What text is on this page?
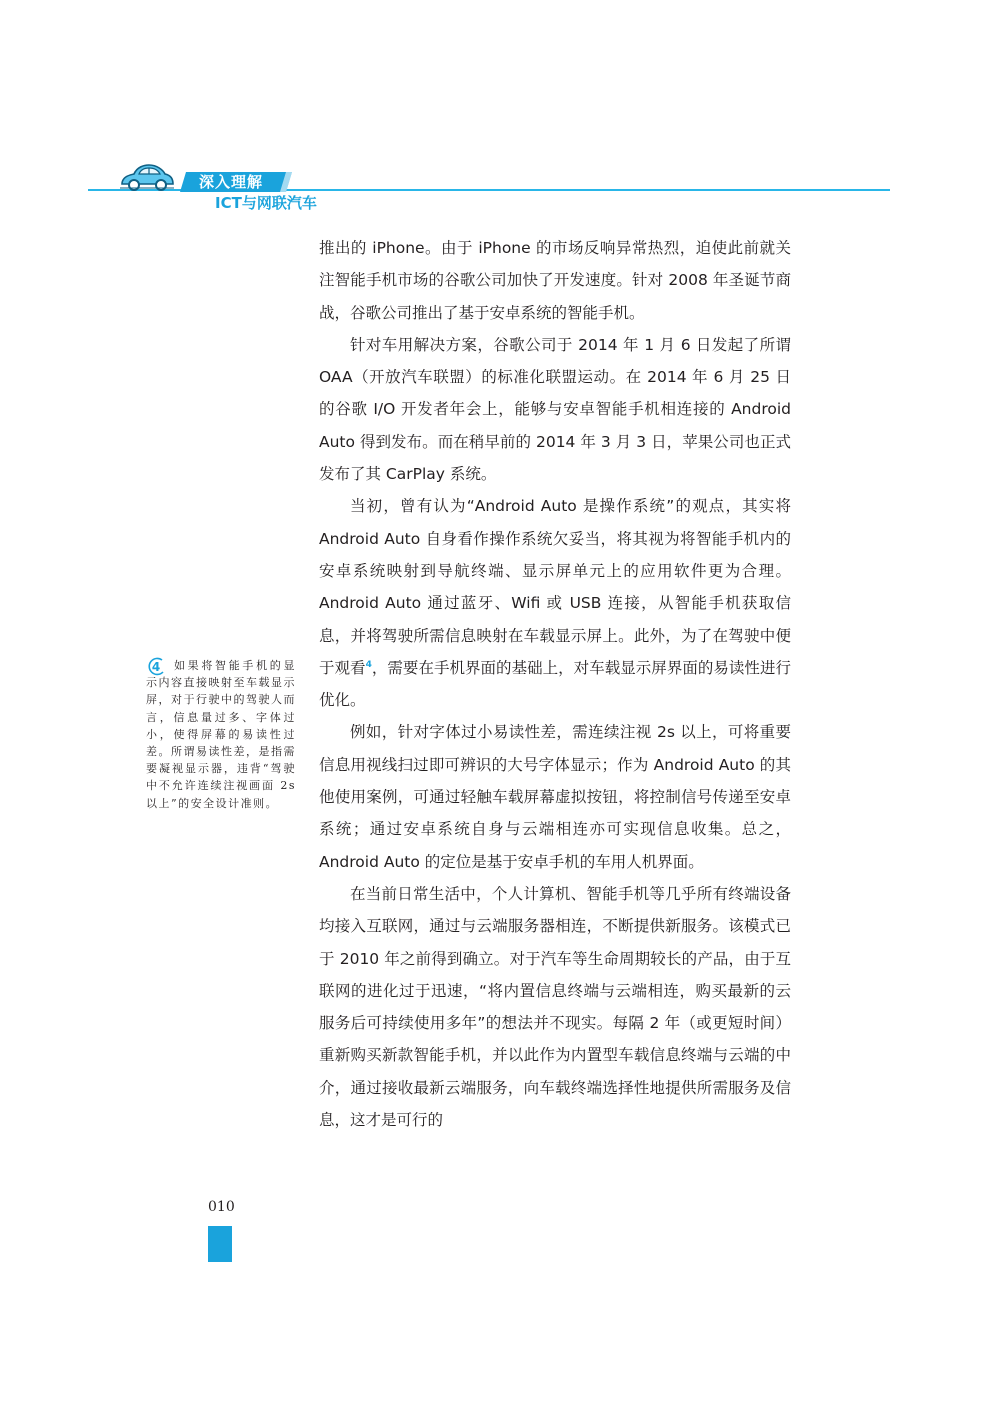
深入理解
ICT与网联汽车

推出的 iPhone。由于 iPhone 的市场反响异常热烈，迫使此前就关注智能手机市场的谷歌公司加快了开发速度。针对 2008 年圣诞节商战，谷歌公司推出了基于安卓系统的智能手机。

针对车用解决方案，谷歌公司于 2014 年 1 月 6 日发起了所谓 OAA（开放汽车联盟）的标准化联盟运动。在 2014 年 6 月 25 日的谷歌 I/O 开发者年会上，能够与安卓智能手机相连接的 Android Auto 得到发布。而在稍早前的 2014 年 3 月 3 日，苹果公司也正式发布了其 CarPlay 系统。

当初，曾有认为“Android Auto 是操作系统”的观点，其实将 Android Auto 自身看作操作系统欠妥当，将其视为将智能手机内的安卓系统映射到导航终端、显示屏单元上的应用软件更为合理。Android Auto 通过蓝牙、Wifi 或 USB 连接，从智能手机获取信息，并将驾驶所需信息映射在车载显示屏上。此外，为了在驾驶中便于观看$^4$，需要在手机界面的基础上，对车载显示屏界面的易读性进行优化。

例如，针对字体过小易读性差，需连续注视 2s 以上，可将重要信息用视线扫过即可辨识的大号字体显示；作为 Android Auto 的其他使用案例，可通过轻触车载屏幕虚拟按钮，将控制信号传递至安卓系统；通过安卓系统自身与云端相连亦可实现信息收集。总之，Android Auto 的定位是基于安卓手机的车用人机界面。

在当前日常生活中，个人计算机、智能手机等几乎所有终端设备均接入互联网，通过与云端服务器相连，不断提供新服务。该模式已于 2010 年之前得到确立。对于汽车等生命周期较长的产品，由于互联网的进化过于迅速，“将内置信息终端与云端相连，购买最新的云服务后可持续使用多年”的想法并不现实。每隔 2 年（或更短时间）重新购买新款智能手机，并以此作为内置型车载信息终端与云端的中介，通过接收最新云端服务，向车载终端选择性地提供所需服务及信息，这才是可行的

4	如果将智能手机的显示内容直接映射至车载显示屏，对于行驶中的驾驶人而言，信息量过多、字体过小，使得屏幕的易读性过差。所谓易读性差，是指需要凝视显示器，违背“驾驶中不允许连续注视画面 2s 以上”的安全设计准则。

010
